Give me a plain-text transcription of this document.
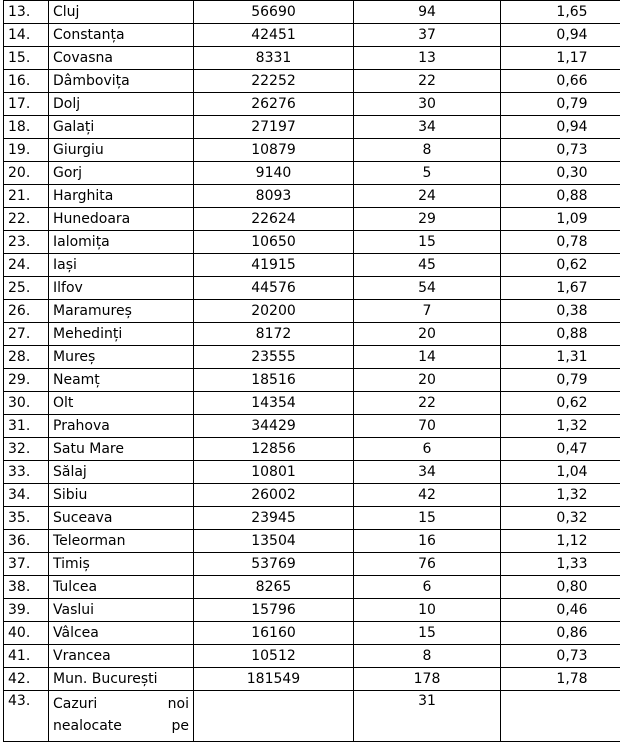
13.	Cluj	56690	94	1,65
14.	Constanța	42451	37	0,94
15.	Covasna	8331	13	1,17
16.	Dâmbovița	22252	22	0,66
17.	Dolj	26276	30	0,79
18.	Galați	27197	34	0,94
19.	Giurgiu	10879	8	0,73
20.	Gorj	9140	5	0,30
21.	Harghita	8093	24	0,88
22.	Hunedoara	22624	29	1,09
23.	Ialomița	10650	15	0,78
24.	Iași	41915	45	0,62
25.	Ilfov	44576	54	1,67
26.	Maramureș	20200	7	0,38
27.	Mehedinți	8172	20	0,88
28.	Mureș	23555	14	1,31
29.	Neamț	18516	20	0,79
30.	Olt	14354	22	0,62
31.	Prahova	34429	70	1,32
32.	Satu Mare	12856	6	0,47
33.	Sălaj	10801	34	1,04
34.	Sibiu	26002	42	1,32
35.	Suceava	23945	15	0,32
36.	Teleorman	13504	16	1,12
37.	Timiș	53769	76	1,33
38.	Tulcea	8265	6	0,80
39.	Vaslui	15796	10	0,46
40.	Vâlcea	16160	15	0,86
41.	Vrancea	10512	8	0,73
42.	Mun. București	181549	178	1,78
43.	Cazuri noi
nealocate pe		31	
